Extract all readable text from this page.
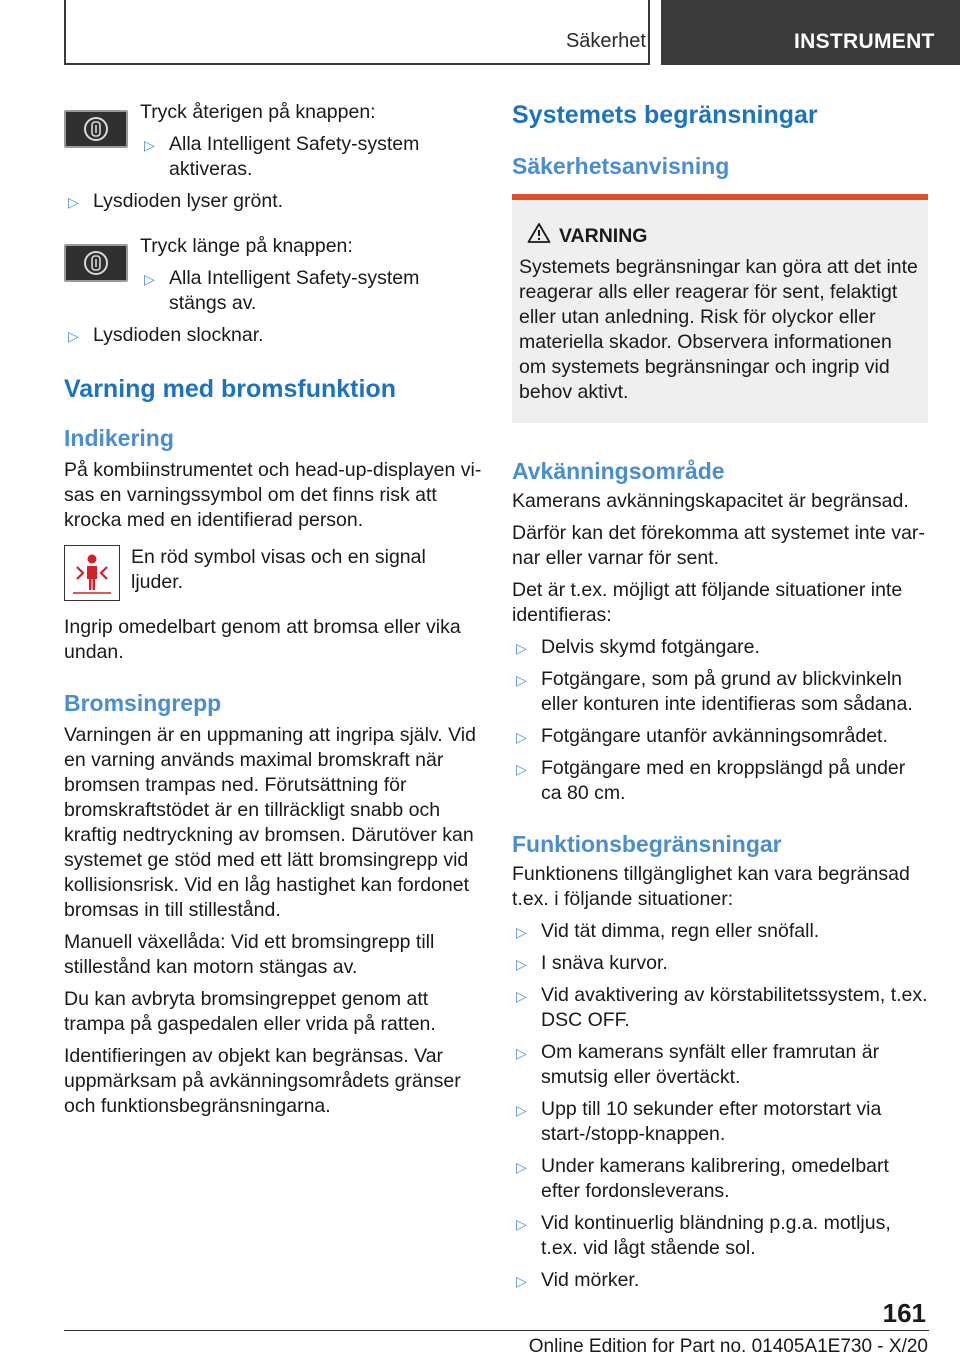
Säkerhet	INSTRUMENT

Tryck återigen på knappen:

▷ Alla Intelligent Safety-system aktiveras.
▷ Lysdioden lyser grönt.

Tryck länge på knappen:

▷ Alla Intelligent Safety-system stängs av.
▷ Lysdioden slocknar.
Varning med bromsfunktion
Indikering

På kombiinstrumentet och head-up-displayen visas en varningssymbol om det finns risk att krocka med en identifierad person.

En röd symbol visas och en signal ljuder.

Ingrip omedelbart genom att bromsa eller vika undan.

Bromsingrepp

Varningen är en uppmaning att ingripa själv. Vid en varning används maximal bromskraft när bromsen trampas ned. Förutsättning för bromskraftstödet är en tillräckligt snabb och kraftig nedtryckning av bromsen. Därutöver kan systemet ge stöd med ett lätt bromsingrepp vid kollisionsrisk. Vid en låg hastighet kan fordonet bromsas in till stillestånd.

Manuell växellåda: Vid ett bromsingrepp till stillestånd kan motorn stängas av.

Du kan avbryta bromsingreppet genom att trampa på gaspedalen eller vrida på ratten.

Identifieringen av objekt kan begränsas. Var uppmärksam på avkänningsområdets gränser och funktionsbegränsningarna.

Systemets begränsningar
Säkerhetsanvisning
VARNING

Systemets begränsningar kan göra att det inte reagerar alls eller reagerar för sent, felaktigt eller utan anledning. Risk för olyckor eller materiella skador. Observera informationen om systemets begränsningar och ingrip vid behov aktivt.

Avkänningsområde

Kamerans avkänningskapacitet är begränsad.

Därför kan det förekomma att systemet inte varnar eller varnar för sent.

Det är t.ex. möjligt att följande situationer inte identifieras:

▷ Delvis skymd fotgängare.
▷ Fotgängare, som på grund av blickvinkeln eller konturen inte identifieras som sådana.
▷ Fotgängare utanför avkänningsområdet.
▷ Fotgängare med en kroppslängd på under ca 80 cm.
Funktionsbegränsningar

Funktionens tillgänglighet kan vara begränsad t.ex. i följande situationer:

▷ Vid tät dimma, regn eller snöfall.
▷ I snäva kurvor.
▷ Vid avaktivering av körstabilitetssystem, t.ex. DSC OFF.
▷ Om kamerans synfält eller framrutan är smutsig eller övertäckt.
▷ Upp till 10 sekunder efter motorstart via start-/stopp-knappen.
▷ Under kamerans kalibrering, omedelbart efter fordonsleverans.
▷ Vid kontinuerlig bländning p.g.a. motljus, t.ex. vid lågt stående sol.
▷ Vid mörker.
161
Online Edition for Part no. 01405A1E730 - X/20
